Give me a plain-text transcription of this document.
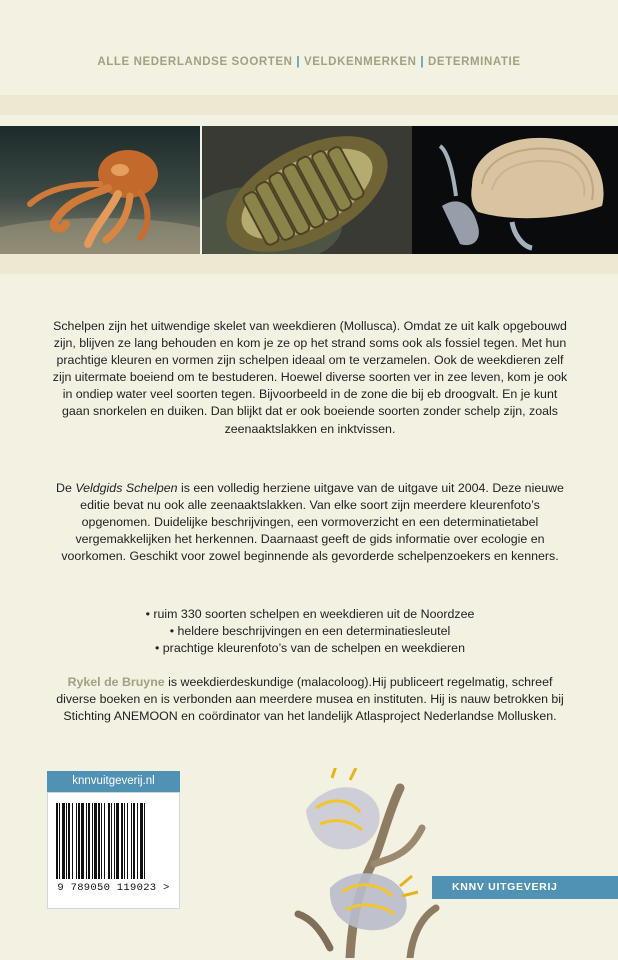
ALLE NEDERLANDSE SOORTEN | VELDKENMERKEN | DETERMINATIE

Schelpen zijn het uitwendige skelet van weekdieren (Mollusca). Omdat ze uit kalk opgebouwd zijn, blijven ze lang behouden en kom je ze op het strand soms ook als fossiel tegen. Met hun prachtige kleuren en vormen zijn schelpen ideaal om te verzamelen. Ook de weekdieren zelf zijn uitermate boeiend om te bestuderen. Hoewel diverse soorten ver in zee leven, kom je ook in ondiep water veel soorten tegen. Bijvoorbeeld in de zone die bij eb droogvalt. En je kunt gaan snorkelen en duiken. Dan blijkt dat er ook boeiende soorten zonder schelp zijn, zoals zeenaaktslakken en inktvissen.

De Veldgids Schelpen is een volledig herziene uitgave van de uitgave uit 2004. Deze nieuwe editie bevat nu ook alle zeenaaktslakken. Van elke soort zijn meerdere kleurenfoto’s opgenomen. Duidelijke beschrijvingen, een vormoverzicht en een determinatietabel vergemakkelijken het herkennen. Daarnaast geeft de gids informatie over ecologie en voorkomen. Geschikt voor zowel beginnende als gevorderde schelpenzoekers en kenners.

• ruim 330 soorten schelpen en weekdieren uit de Noordzee
• heldere beschrijvingen en een determinatiesleutel
• prachtige kleurenfoto’s van de schelpen en weekdieren

Rykel de Bruyne is weekdierdeskundige (malacoloog).Hij publiceert regelmatig, schreef diverse boeken en is verbonden aan meerdere musea en instituten. Hij is nauw betrokken bij Stichting ANEMOON en coördinator van het landelijk Atlasproject Nederlandse Mollusken.

knnvuitgeverij.nl
9 789050 119023 >	KNNV UITGEVERIJ
